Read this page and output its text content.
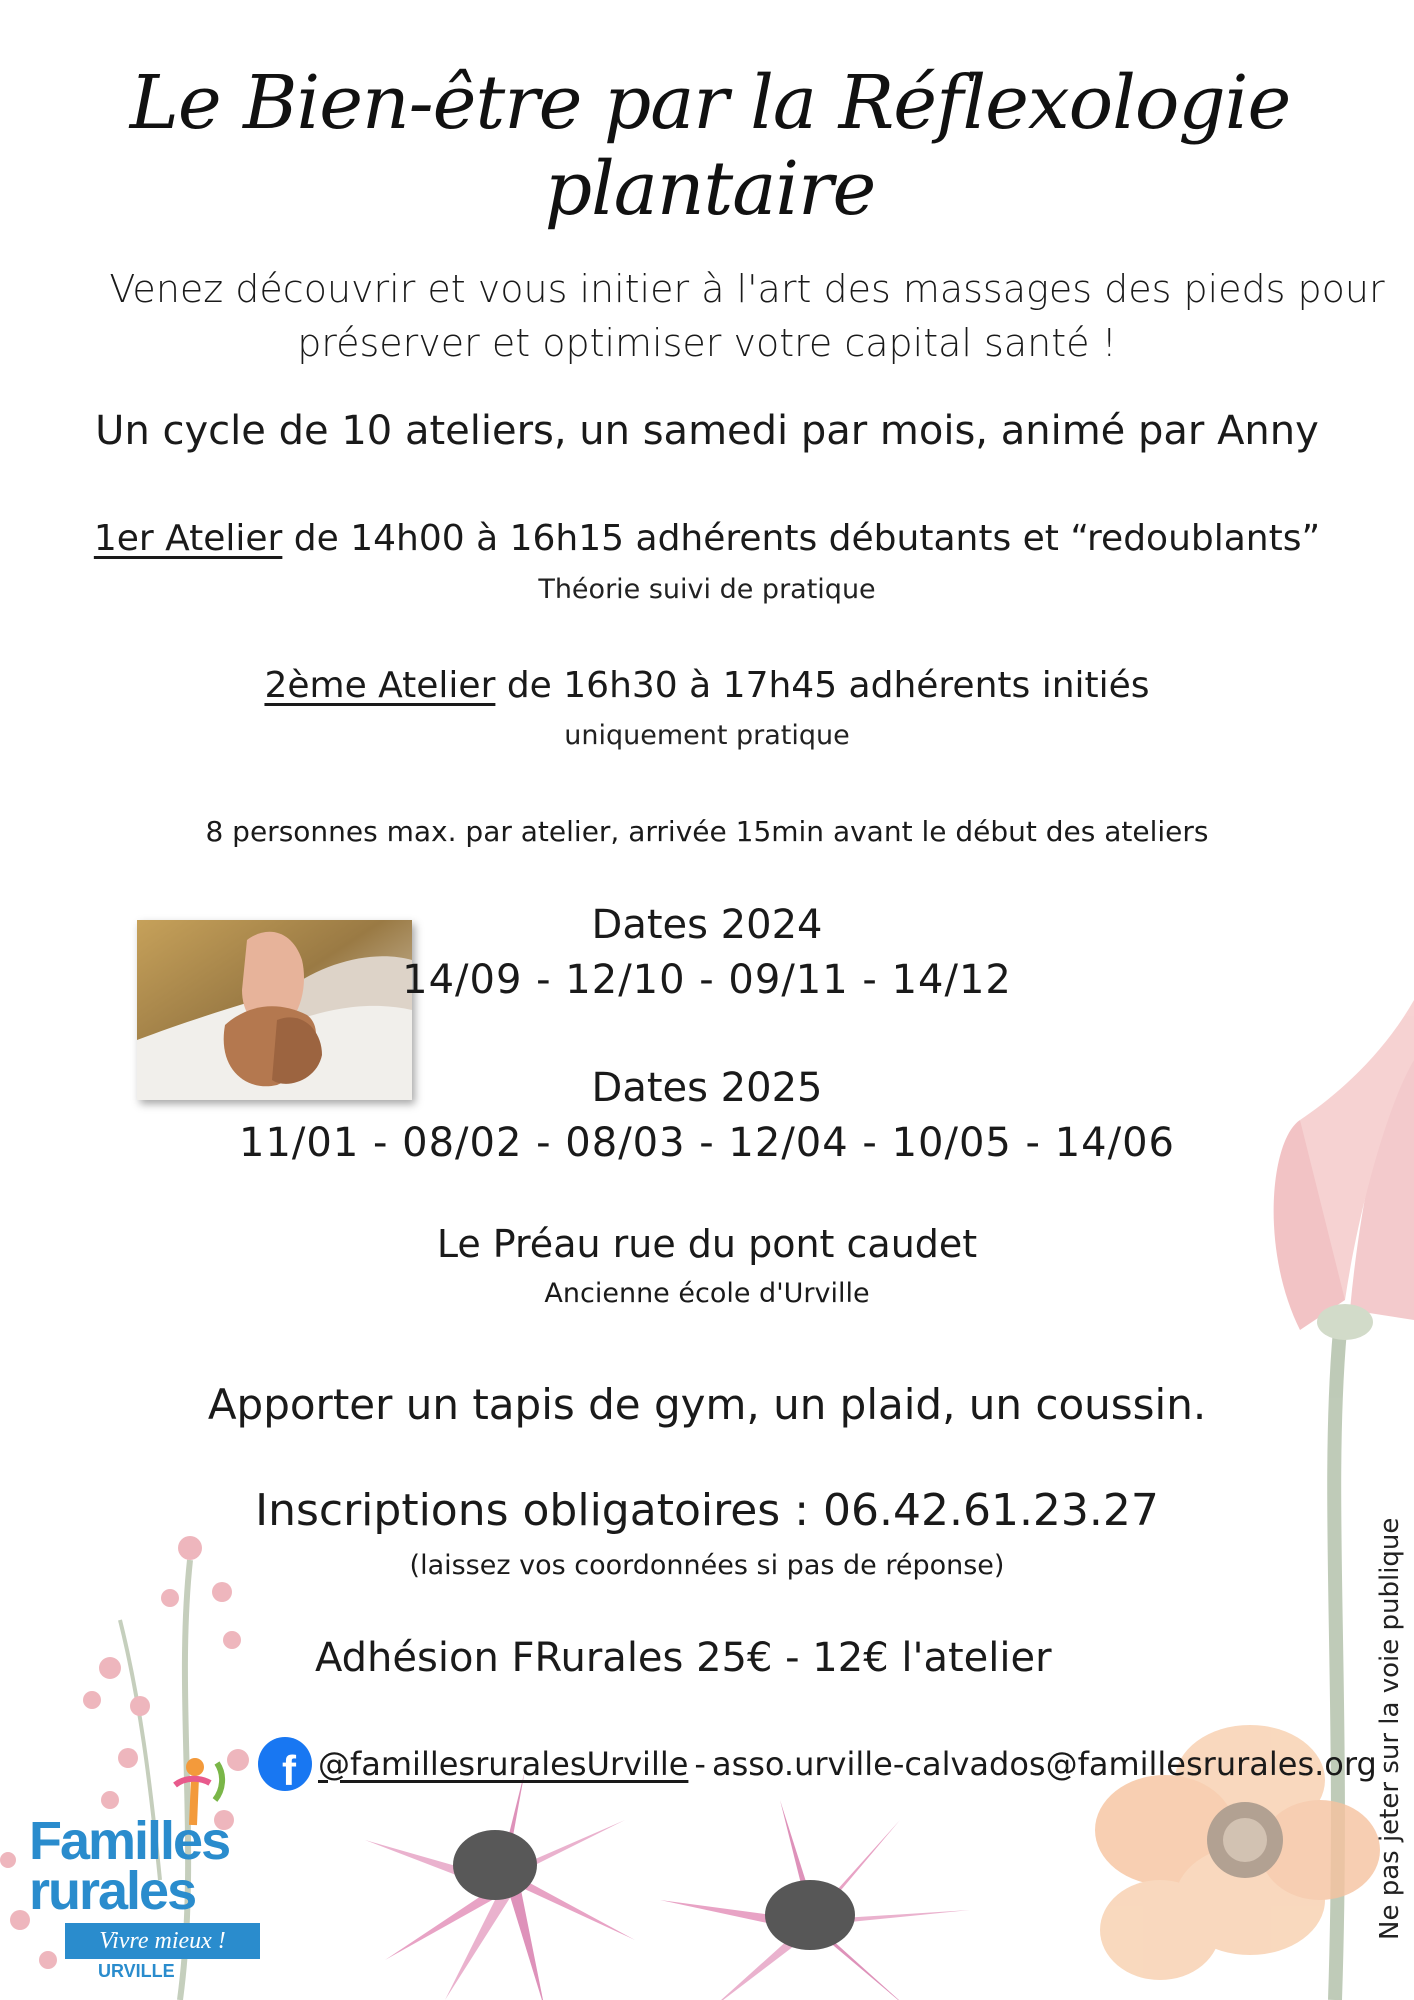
Le Bien-être par la Réflexologie plantaire
Venez découvrir et vous initier à l'art des massages des pieds pour
préserver et optimiser votre capital santé !
Un cycle de 10 ateliers, un samedi par mois, animé par Anny
1er Atelier de 14h00 à 16h15 adhérents débutants et “redoublants”
Théorie suivi de pratique
2ème Atelier de 16h30 à 17h45 adhérents initiés
uniquement pratique
8 personnes max. par atelier, arrivée 15min avant le début des ateliers
Dates 2024
14/09 - 12/10 - 09/11 - 14/12
Dates 2025
11/01 - 08/02 - 08/03 - 12/04 - 10/05 - 14/06
Le Préau rue du pont caudet
Ancienne école d'Urville
Apporter un tapis de gym, un plaid, un coussin.
Inscriptions obligatoires : 06.42.61.23.27
(laissez vos coordonnées si pas de réponse)
Adhésion FRurales 25€ - 12€ l'atelier
f @famillesruralesUrville - asso.urville-calvados@famillesrurales.org
Ne pas jeter sur la voie publique
Familles
rurales
Vivre mieux !
URVILLE
